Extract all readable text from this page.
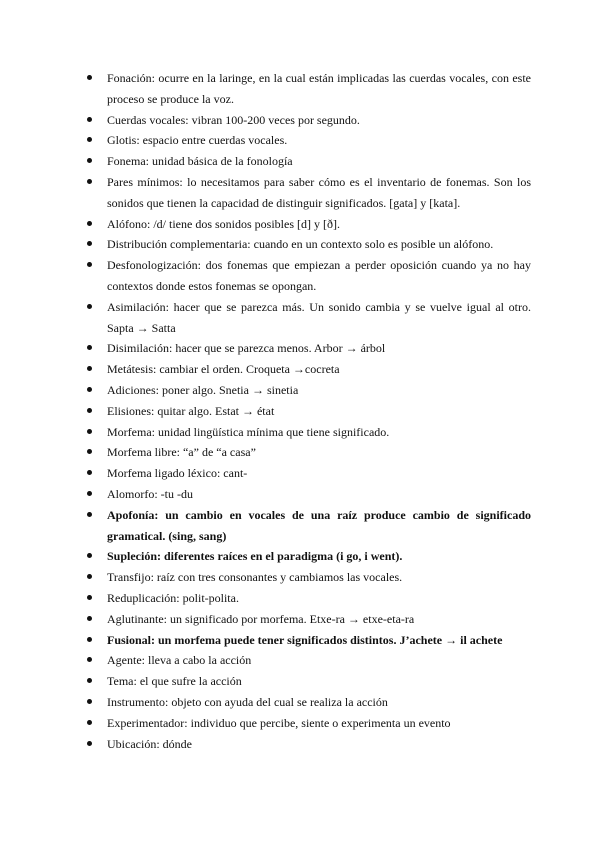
Fonación: ocurre en la laringe, en la cual están implicadas las cuerdas vocales, con este proceso se produce la voz.
Cuerdas vocales: vibran 100-200 veces por segundo.
Glotis: espacio entre cuerdas vocales.
Fonema: unidad básica de la fonología
Pares mínimos: lo necesitamos para saber cómo es el inventario de fonemas. Son los sonidos que tienen la capacidad de distinguir significados. [gata] y [kata].
Alófono: /d/ tiene dos sonidos posibles [d] y [ð].
Distribución complementaria: cuando en un contexto solo es posible un alófono.
Desfonologización: dos fonemas que empiezan a perder oposición cuando ya no hay contextos donde estos fonemas se opongan.
Asimilación: hacer que se parezca más. Un sonido cambia y se vuelve igual al otro. Sapta → Satta
Disimilación: hacer que se parezca menos. Arbor → árbol
Metátesis: cambiar el orden. Croqueta →cocreta
Adiciones: poner algo. Snetia → sinetia
Elisiones: quitar algo. Estat → état
Morfema: unidad lingüística mínima que tiene significado.
Morfema libre: “a” de “a casa”
Morfema ligado léxico: cant-
Alomorfo: -tu -du
Apofonía: un cambio en vocales de una raíz produce cambio de significado gramatical. (sing, sang)
Supleción: diferentes raíces en el paradigma (i go, i went).
Transfijo: raíz con tres consonantes y cambiamos las vocales.
Reduplicación: polit-polita.
Aglutinante: un significado por morfema. Etxe-ra → etxe-eta-ra
Fusional: un morfema puede tener significados distintos. J’achete → il achete
Agente: lleva a cabo la acción
Tema: el que sufre la acción
Instrumento: objeto con ayuda del cual se realiza la acción
Experimentador: individuo que percibe, siente o experimenta un evento
Ubicación: dónde
